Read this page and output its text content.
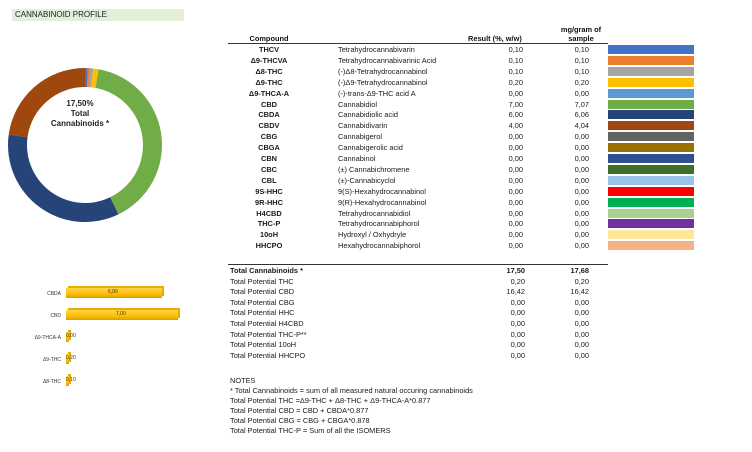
CANNABINOID PROFILE
17,50%
Total
Cannabinoids *
Compound	Result (%, w/w)
mg/gram of
sample
THCV	Tetrahydrocannabivarin	0,10	0,10
Δ9-THCVA	Tetrahydrocannabivarinic Acid	0,10	0,10
Δ8-THC	(-)Δ8-Tetrahydrocannabinol	0,10	0,10
Δ9-THC	(-)Δ9-Tetrahydrocannabinol	0,20	0,20
Δ9-THCA-A	(-)-trans-Δ9-THC acid A	0,00	0,00
CBD	Cannabidiol	7,00	7,07
CBDA	Cannabidiolic acid	6,00	6,06
CBDV	Cannabidivarin	4,00	4,04
CBG	Cannabigerol	0,00	0,00
CBGA	Cannabigerolic acid	0,00	0,00
CBN	Cannabinol	0,00	0,00
CBC	(±) Cannabichromene	0,00	0,00
CBL	(±)-Cannabicyclol	0,00	0,00
9S-HHC	9(S)-Hexahydrocannabinol	0,00	0,00
9R-HHC	9(R)-Hexahydrocannabinol	0,00	0,00
H4CBD	Tetrahydrocannabidiol	0,00	0,00
THC-P	Tetrahydrocannabiphorol	0,00	0,00
10oH	Hydroxyl / Oxhydryle	0,00	0,00
HHCPO	Hexahydrocannabiphorol	0,00	0,00
Total Cannabinoids *	17,50	17,68
Total Potential THC	0,20	0,20
Total Potential CBD	16,42	16,42
Total Potential CBG	0,00	0,00
Total Potential HHC	0,00	0,00
Total Potential H4CBD	0,00	0,00
Total Potential THC-P**	0,00	0,00
Total Potential 10oH	0,00	0,00
Total Potential HHCPO	0,00	0,00
NOTES
* Total Cannabinoids = sum of all measured natural occuring cannabinoids
Total Potential THC =Δ9-THC + Δ8-THC + Δ9-THCA-A*0.877
Total Potential CBD = CBD + CBDA*0.877
Total Potential CBG = CBG + CBGA*0.878
Total Potential THC-P = Sum of all the ISOMERS
CBDA	6,00
CBD	7,00
Δ9-THCA-A 0,00
Δ9-THC 0,20
Δ8-THC 0,10
